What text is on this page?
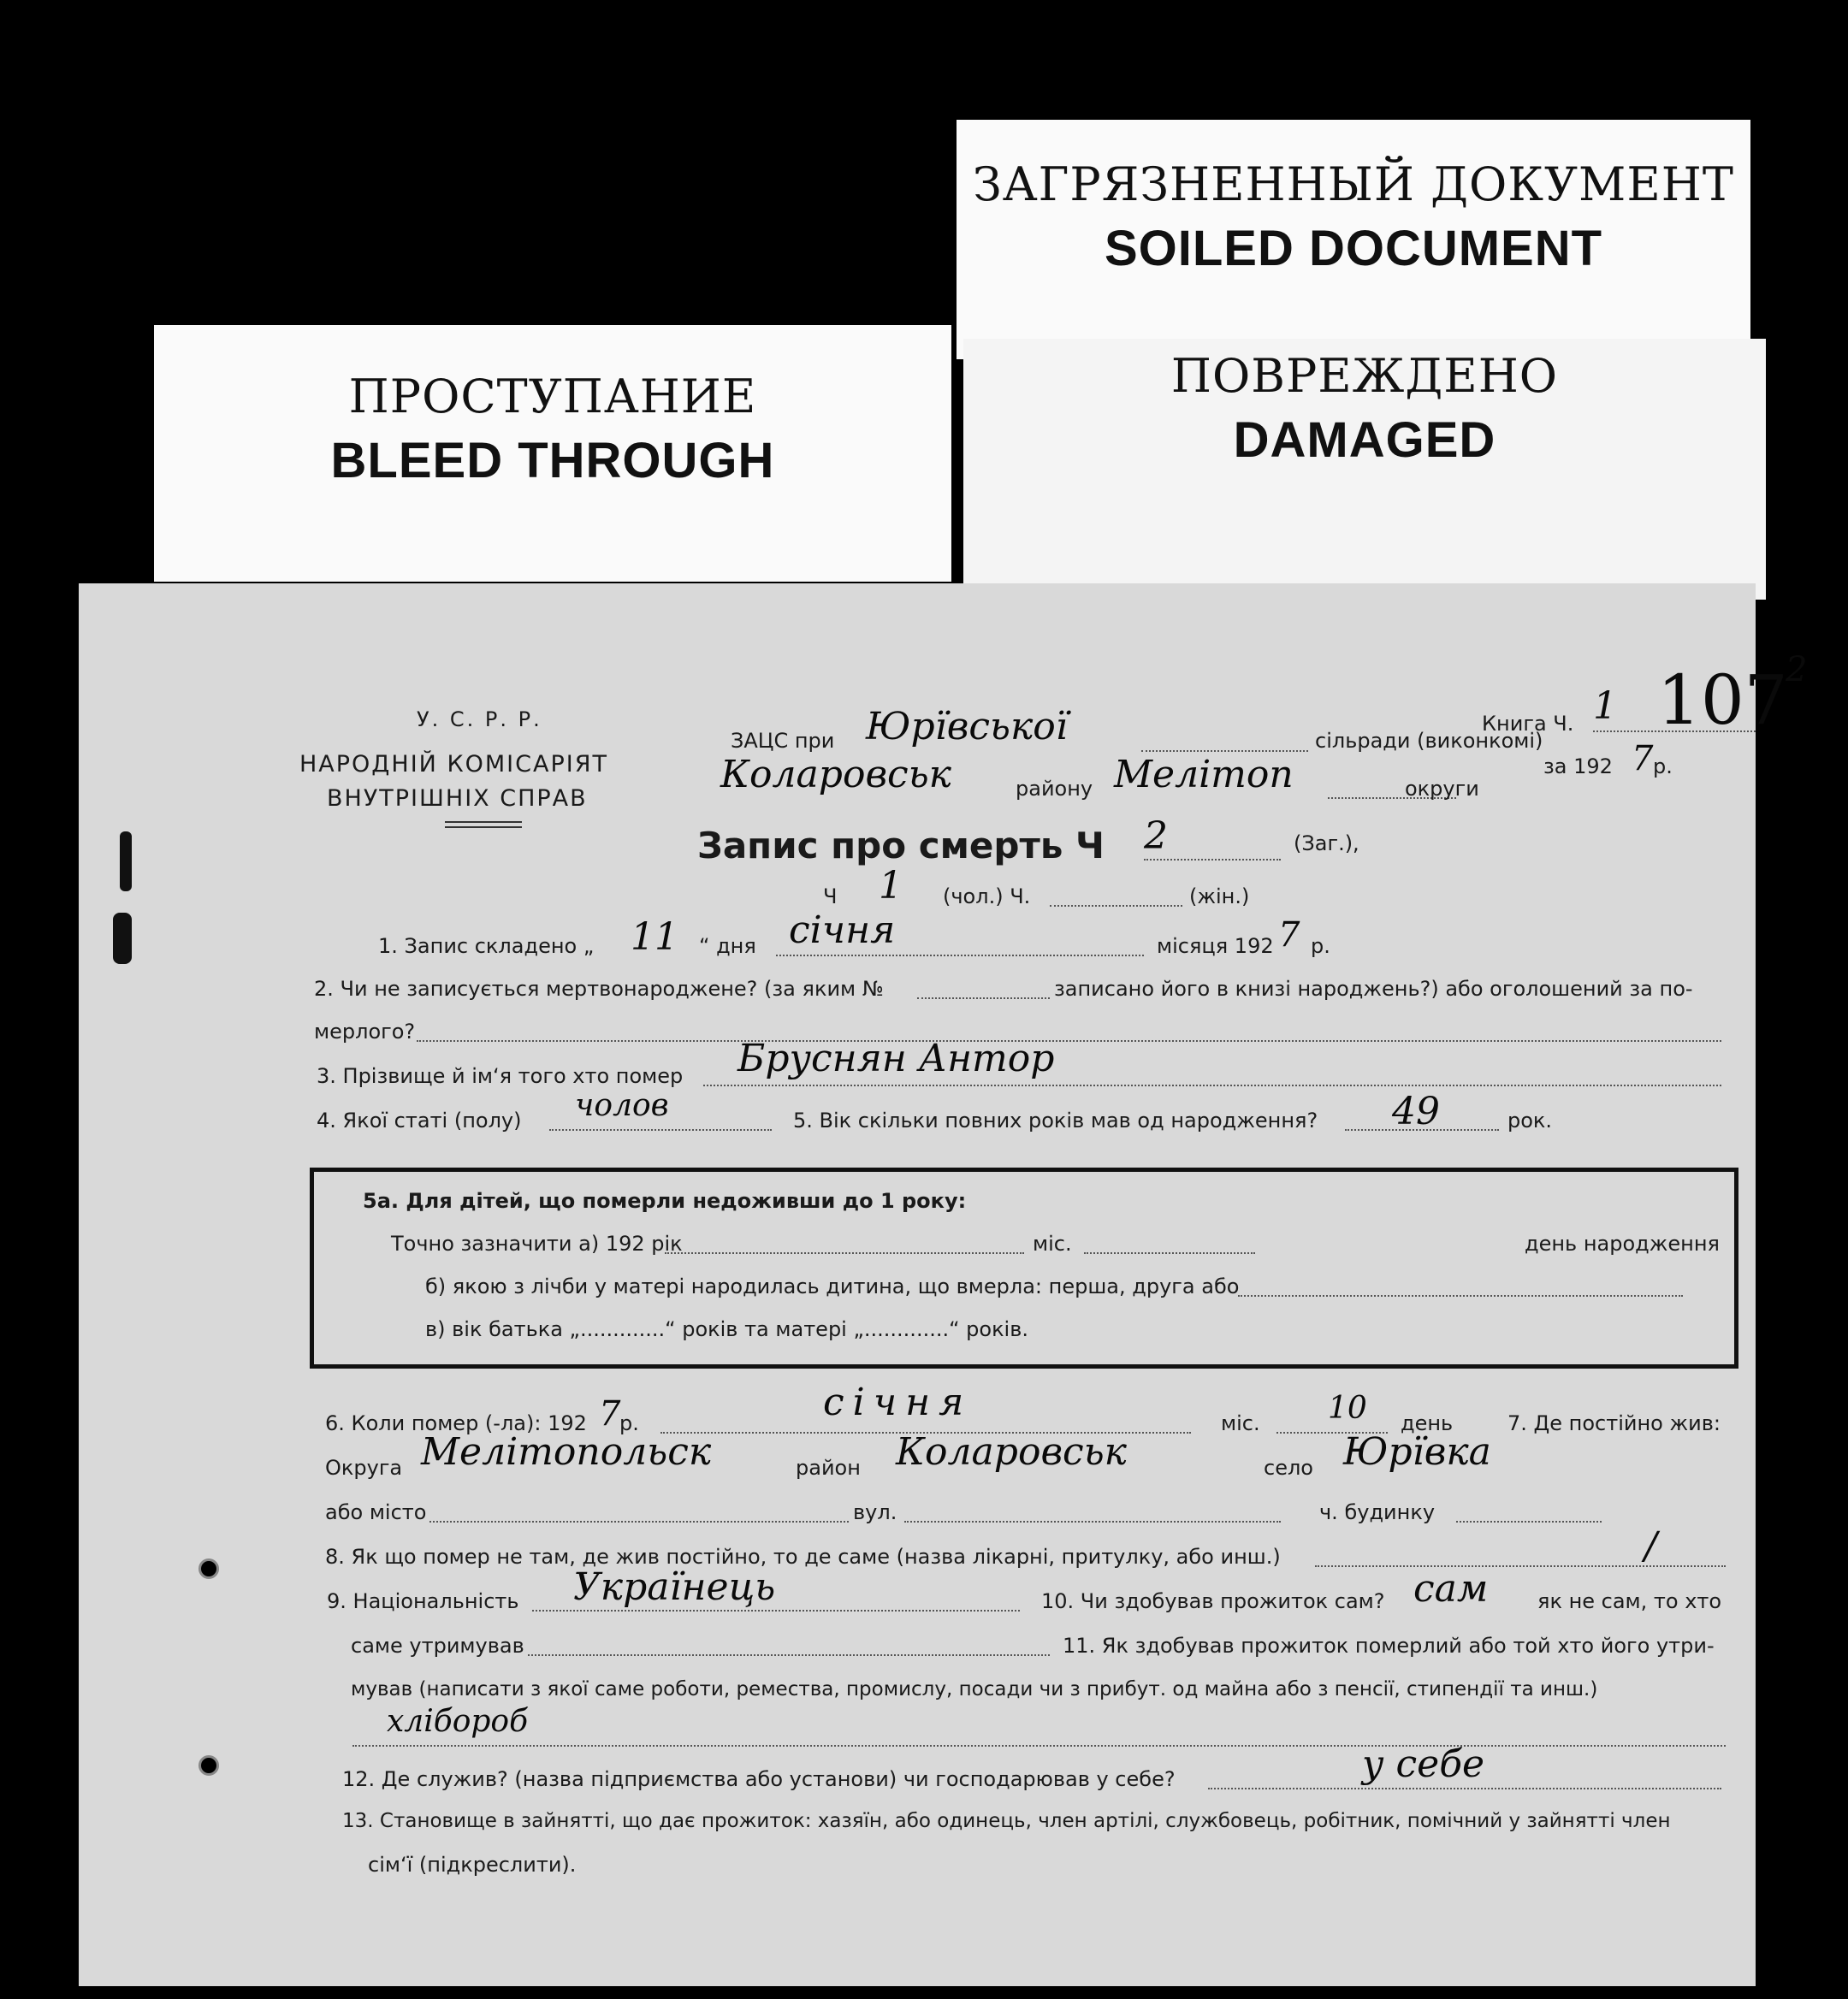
ЗАГРЯЗНЕННЫЙ ДОКУМЕНТ
SOILED DOCUMENT
ПРОСТУПАНИЕ
BLEED THROUGH
ПОВРЕЖДЕНО
DAMAGED
У. С. Р. Р.
НАРОДНІЙ КОМІСАРІЯТ
ВНУТРІШНІХ СПРАВ
ЗАЦС при Юрївської	сільради (виконкомі)
Коларовськ	району Мелітоп	округи
Книга Ч. 1 107
2
за 192 7 р.
Запис про смерть Ч 2	(Заг.),
Ч 1 (чол.) Ч.	(жін.)
1. Запис складено „ 11 “ дня січня	місяця 192 7 р.
2. Чи не записується мертвонароджене? (за яким №	записано його в книзі народжень?) або оголошений за по-
мерлого?
3. Прізвище й ім‘я того хто помер Бруснян Антор
4. Якої статі (полу) чолов	5. Вік скільки повних років мав од народження? 49	рок.
5а. Для дітей, що померли недоживши до 1 року:
Точно зазначити а) 192 рік	міс.	день народження
б) якою з лічби у матері народилась дитина, що вмерла: перша, друга або
в) вік батька „.............“ років та матері „.............“ років.
6. Коли помер (-ла): 192 7
р.	січня	міс. 10 день	7. Де постійно жив:
Округа Мелітопольск	район Коларовськ	село Юрївка
або місто	вул.	ч. будинку
8. Як що помер не там, де жив постійно, то де саме (назва лікарні, притулку, або инш.)	/
9. Національність Українець	10. Чи здобував прожиток сам? сам як не сам, то хто
саме утримував	11. Як здобував прожиток померлий або той хто його утри-
мував (написати з якої саме роботи, ремества, промислу, посади чи з прибут. од майна або з пенсії, стипендії та инш.)
хлібороб
12. Де служив? (назва підприємства або установи) чи господарював у себе?	у себе
13. Становище в зайнятті, що дає прожиток: хазяїн, або одинець, член артілі, службовець, робітник, помічний у зайнятті член
сім‘ї (підкреслити).
